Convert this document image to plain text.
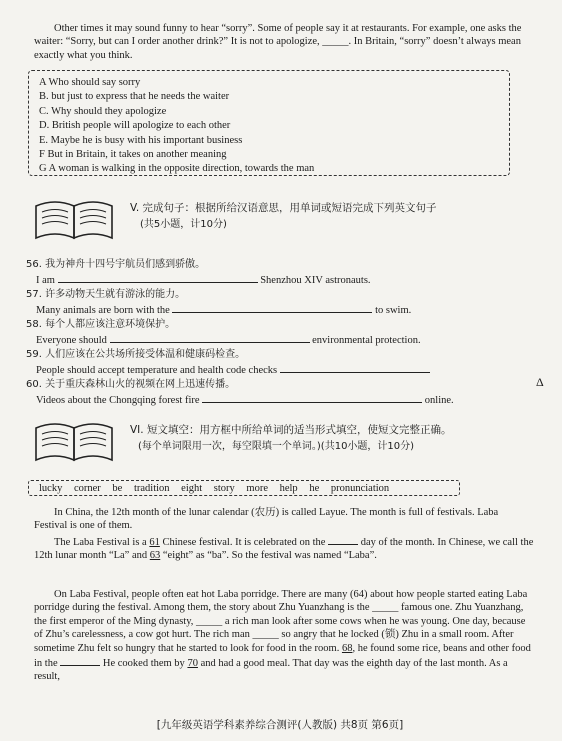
Other times it may sound funny to hear “sorry”. Some of people say it at restaurants. For example, one asks the waiter: “Sorry, but can I order another drink?” It is not to apologize, _____. In Britain, “sorry” doesn’t always mean exactly what you think.

A Who should say sorry
B. but just to express that he needs the waiter
C. Why should they apologize
D. British people will apologize to each other
E. Maybe he is busy with his important business
F But in Britain, it takes on another meaning
G A woman is walking in the opposite direction, towards the man
V. 完成句子：根据所给汉语意思，用单词或短语完成下列英文句子
(共5小题，计10分)
56. 我为神舟十四号宇航员们感到骄傲。
I am	Shenzhou XIV astronauts.
57. 许多动物天生就有游泳的能力。
Many animals are born with the	to swim.
58. 每个人都应该注意环境保护。
Everyone should	environmental protection.
59. 人们应该在公共场所接受体温和健康码检查。
People should accept temperature and health code checks
60. 关于重庆森林山火的视频在网上迅速传播。
Videos about the Chongqing forest fire	online.
Δ
VI. 短文填空：用方框中所给单词的适当形式填空，使短文完整正确。
(每个单词限用一次，每空限填一个单词。)(共10小题，计10分)
lucky corner be tradition eight story more help he pronunciation

In China, the 12th month of the lunar calendar (农历) is called Layue. The month is full of festivals. Laba Festival is one of them.

The Laba Festival is a 61 Chinese festival. It is celebrated on the	day of the month. In Chinese, we call the 12th lunar month “La” and 63 “eight” as “ba”. So the festival was named “Laba”.

On Laba Festival, people often eat hot Laba porridge. There are many (64) about how people started eating Laba porridge during the festival. Among them, the story about Zhu Yuanzhang is the _____ famous one. Zhu Yuanzhang, the first emperor of the Ming dynasty, _____ a rich man look after some cows when he was young. One day, because of Zhu’s carelessness, a cow got hurt. The rich man _____ so angry that he locked (锁) Zhu in a small room. After sometime Zhu felt so hungry that he started to look for food in the room. 68, he found some rice, beans and other food in the	He cooked them by 70 and had a good meal. That day was the eighth day of the last month. As a result,

[九年级英语学科素养综合测评(人教版) 共8页 第6页]
